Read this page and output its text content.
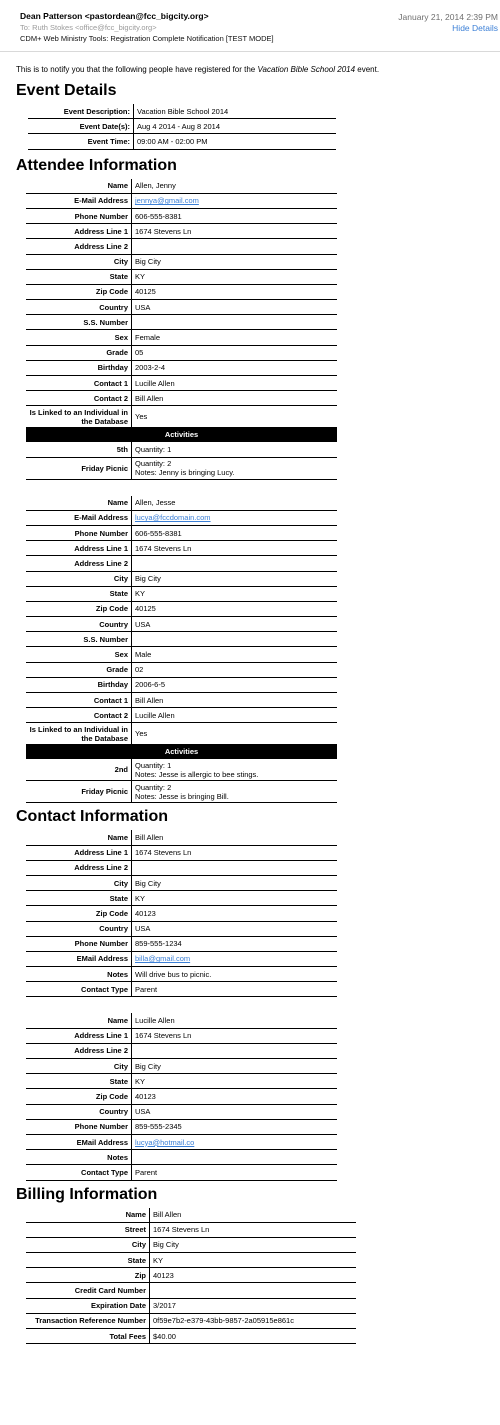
Dean Patterson <pastordean@fcc_bigcity.org>
To: Ruth Stokes <office@fcc_bigcity.org>
CDM+ Web Ministry Tools: Registration Complete Notification [TEST MODE]
January 21, 2014 2:39 PM
Hide Details
This is to notify you that the following people have registered for the Vacation Bible School 2014 event.
Event Details
Event Description:	Vacation Bible School 2014
Event Date(s):	Aug 4 2014 - Aug 8 2014
Event Time:	09:00 AM - 02:00 PM
Attendee Information
Name	Allen, Jenny
E-Mail Address	jennya@gmail.com
Phone Number	606-555-8381
Address Line 1	1674 Stevens Ln
Address Line 2	
City	Big City
State	KY
Zip Code	40125
Country	USA
S.S. Number	
Sex	Female
Grade	05
Birthday	2003-2-4
Contact 1	Lucille Allen
Contact 2	Bill Allen
Is Linked to an Individual in the Database	Yes
Activities	
5th	Quantity: 1
Friday Picnic	Quantity: 2
Notes: Jenny is bringing Lucy.
Name	Allen, Jesse
E-Mail Address	lucya@fccdomain.com
Phone Number	606-555-8381
Address Line 1	1674 Stevens Ln
Address Line 2	
City	Big City
State	KY
Zip Code	40125
Country	USA
S.S. Number	
Sex	Male
Grade	02
Birthday	2006-6-5
Contact 1	Bill Allen
Contact 2	Lucille Allen
Is Linked to an Individual in the Database	Yes
Activities	
2nd	Quantity: 1
Notes: Jesse is allergic to bee stings.

Friday Picnic	Quantity: 2
Notes: Jesse is bringing Bill.
Contact Information
Name	Bill Allen
Address Line 1	1674 Stevens Ln
Address Line 2	
City	Big City
State	KY
Zip Code	40123
Country	USA
Phone Number	859-555-1234
EMail Address	billa@gmail.com
Notes	Will drive bus to picnic.
Contact Type	Parent
Name	Lucille Allen
Address Line 1	1674 Stevens Ln
Address Line 2	
City	Big City
State	KY
Zip Code	40123
Country	USA
Phone Number	859-555-2345
EMail Address	lucya@hotmail.co
Notes	
Contact Type	Parent
Billing Information
Name	Bill Allen
Street	1674 Stevens Ln
City	Big City
State	KY
Zip	40123
Credit Card Number	
Expiration Date	3/2017
Transaction Reference Number	0f59e7b2-e379-43bb-9857-2a05915e861c
Total Fees	$40.00
